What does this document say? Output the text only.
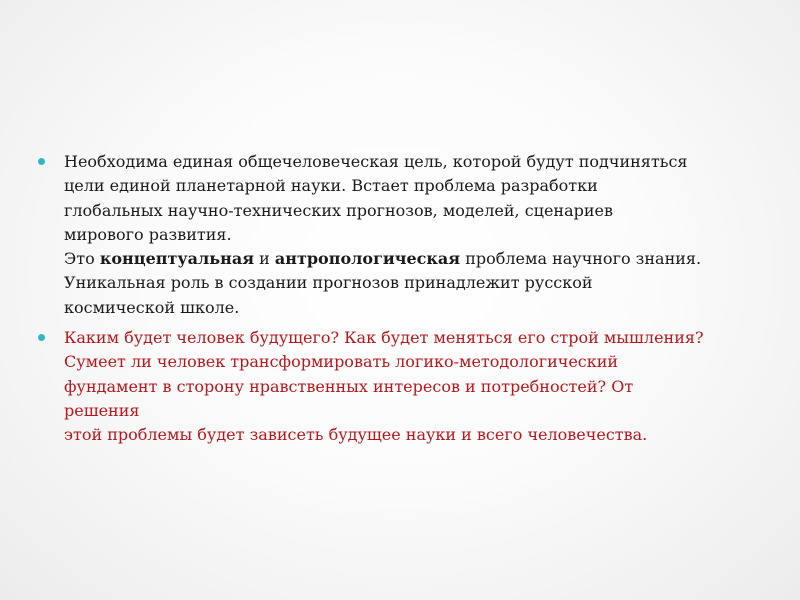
Необходима единая общечеловеческая цель, которой будут подчиняться
цели единой планетарной науки. Встает проблема разработки
глобальных научно-технических прогнозов, моделей, сценариев
мирового развития.
Это концептуальная и антропологическая проблема научного знания.
Уникальная роль в создании прогнозов принадлежит русской
космической школе.
Каким будет человек будущего? Как будет меняться его строй мышления?
Сумеет ли человек трансформировать логико-методологический
фундамент в сторону нравственных интересов и потребностей? От
решения
этой проблемы будет зависеть будущее науки и всего человечества.
